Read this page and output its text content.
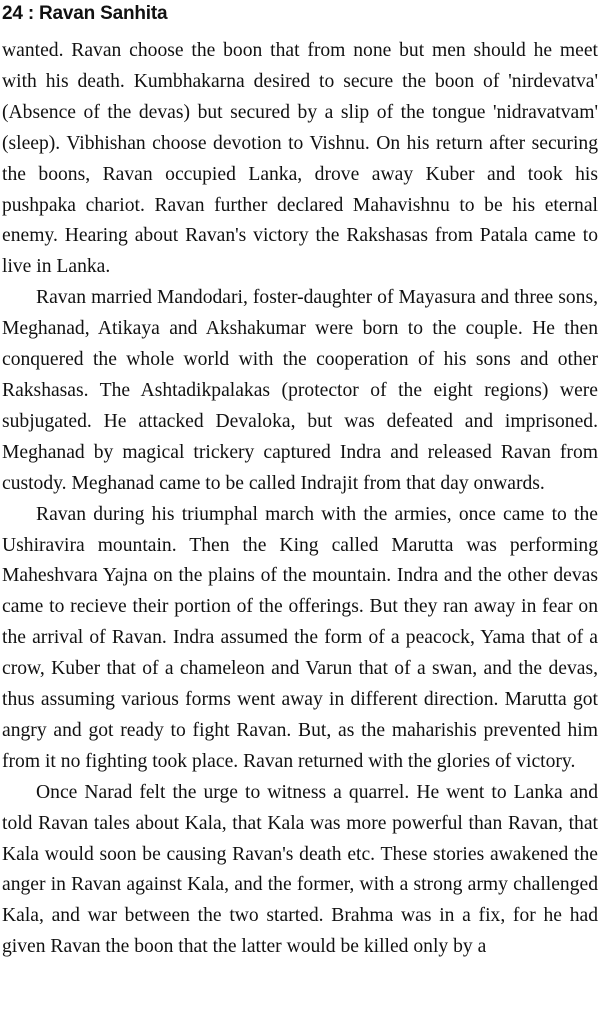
24 : Ravan Sanhita

wanted. Ravan choose the boon that from none but men should he meet with his death. Kumbhakarna desired to secure the boon of 'nirdevatva' (Absence of the devas) but secured by a slip of the tongue 'nidravatvam' (sleep). Vibhishan choose devotion to Vishnu. On his return after securing the boons, Ravan occupied Lanka, drove away Kuber and took his pushpaka chariot. Ravan further declared Mahavishnu to be his eternal enemy. Hearing about Ravan's victory the Rakshasas from Patala came to live in Lanka.

Ravan married Mandodari, foster-daughter of Mayasura and three sons, Meghanad, Atikaya and Akshakumar were born to the couple. He then conquered the whole world with the cooperation of his sons and other Rakshasas. The Ashtadikpalakas (protector of the eight regions) were subjugated. He attacked Devaloka, but was defeated and imprisoned. Meghanad by magical trickery captured Indra and released Ravan from custody. Meghanad came to be called Indrajit from that day onwards.

Ravan during his triumphal march with the armies, once came to the Ushiravira mountain. Then the King called Marutta was performing Maheshvara Yajna on the plains of the mountain. Indra and the other devas came to recieve their portion of the offerings. But they ran away in fear on the arrival of Ravan. Indra assumed the form of a peacock, Yama that of a crow, Kuber that of a chameleon and Varun that of a swan, and the devas, thus assuming various forms went away in different direction. Marutta got angry and got ready to fight Ravan. But, as the maharishis prevented him from it no fighting took place. Ravan returned with the glories of victory.

Once Narad felt the urge to witness a quarrel. He went to Lanka and told Ravan tales about Kala, that Kala was more powerful than Ravan, that Kala would soon be causing Ravan's death etc. These stories awakened the anger in Ravan against Kala, and the former, with a strong army challenged Kala, and war between the two started. Brahma was in a fix, for he had given Ravan the boon that the latter would be killed only by a
